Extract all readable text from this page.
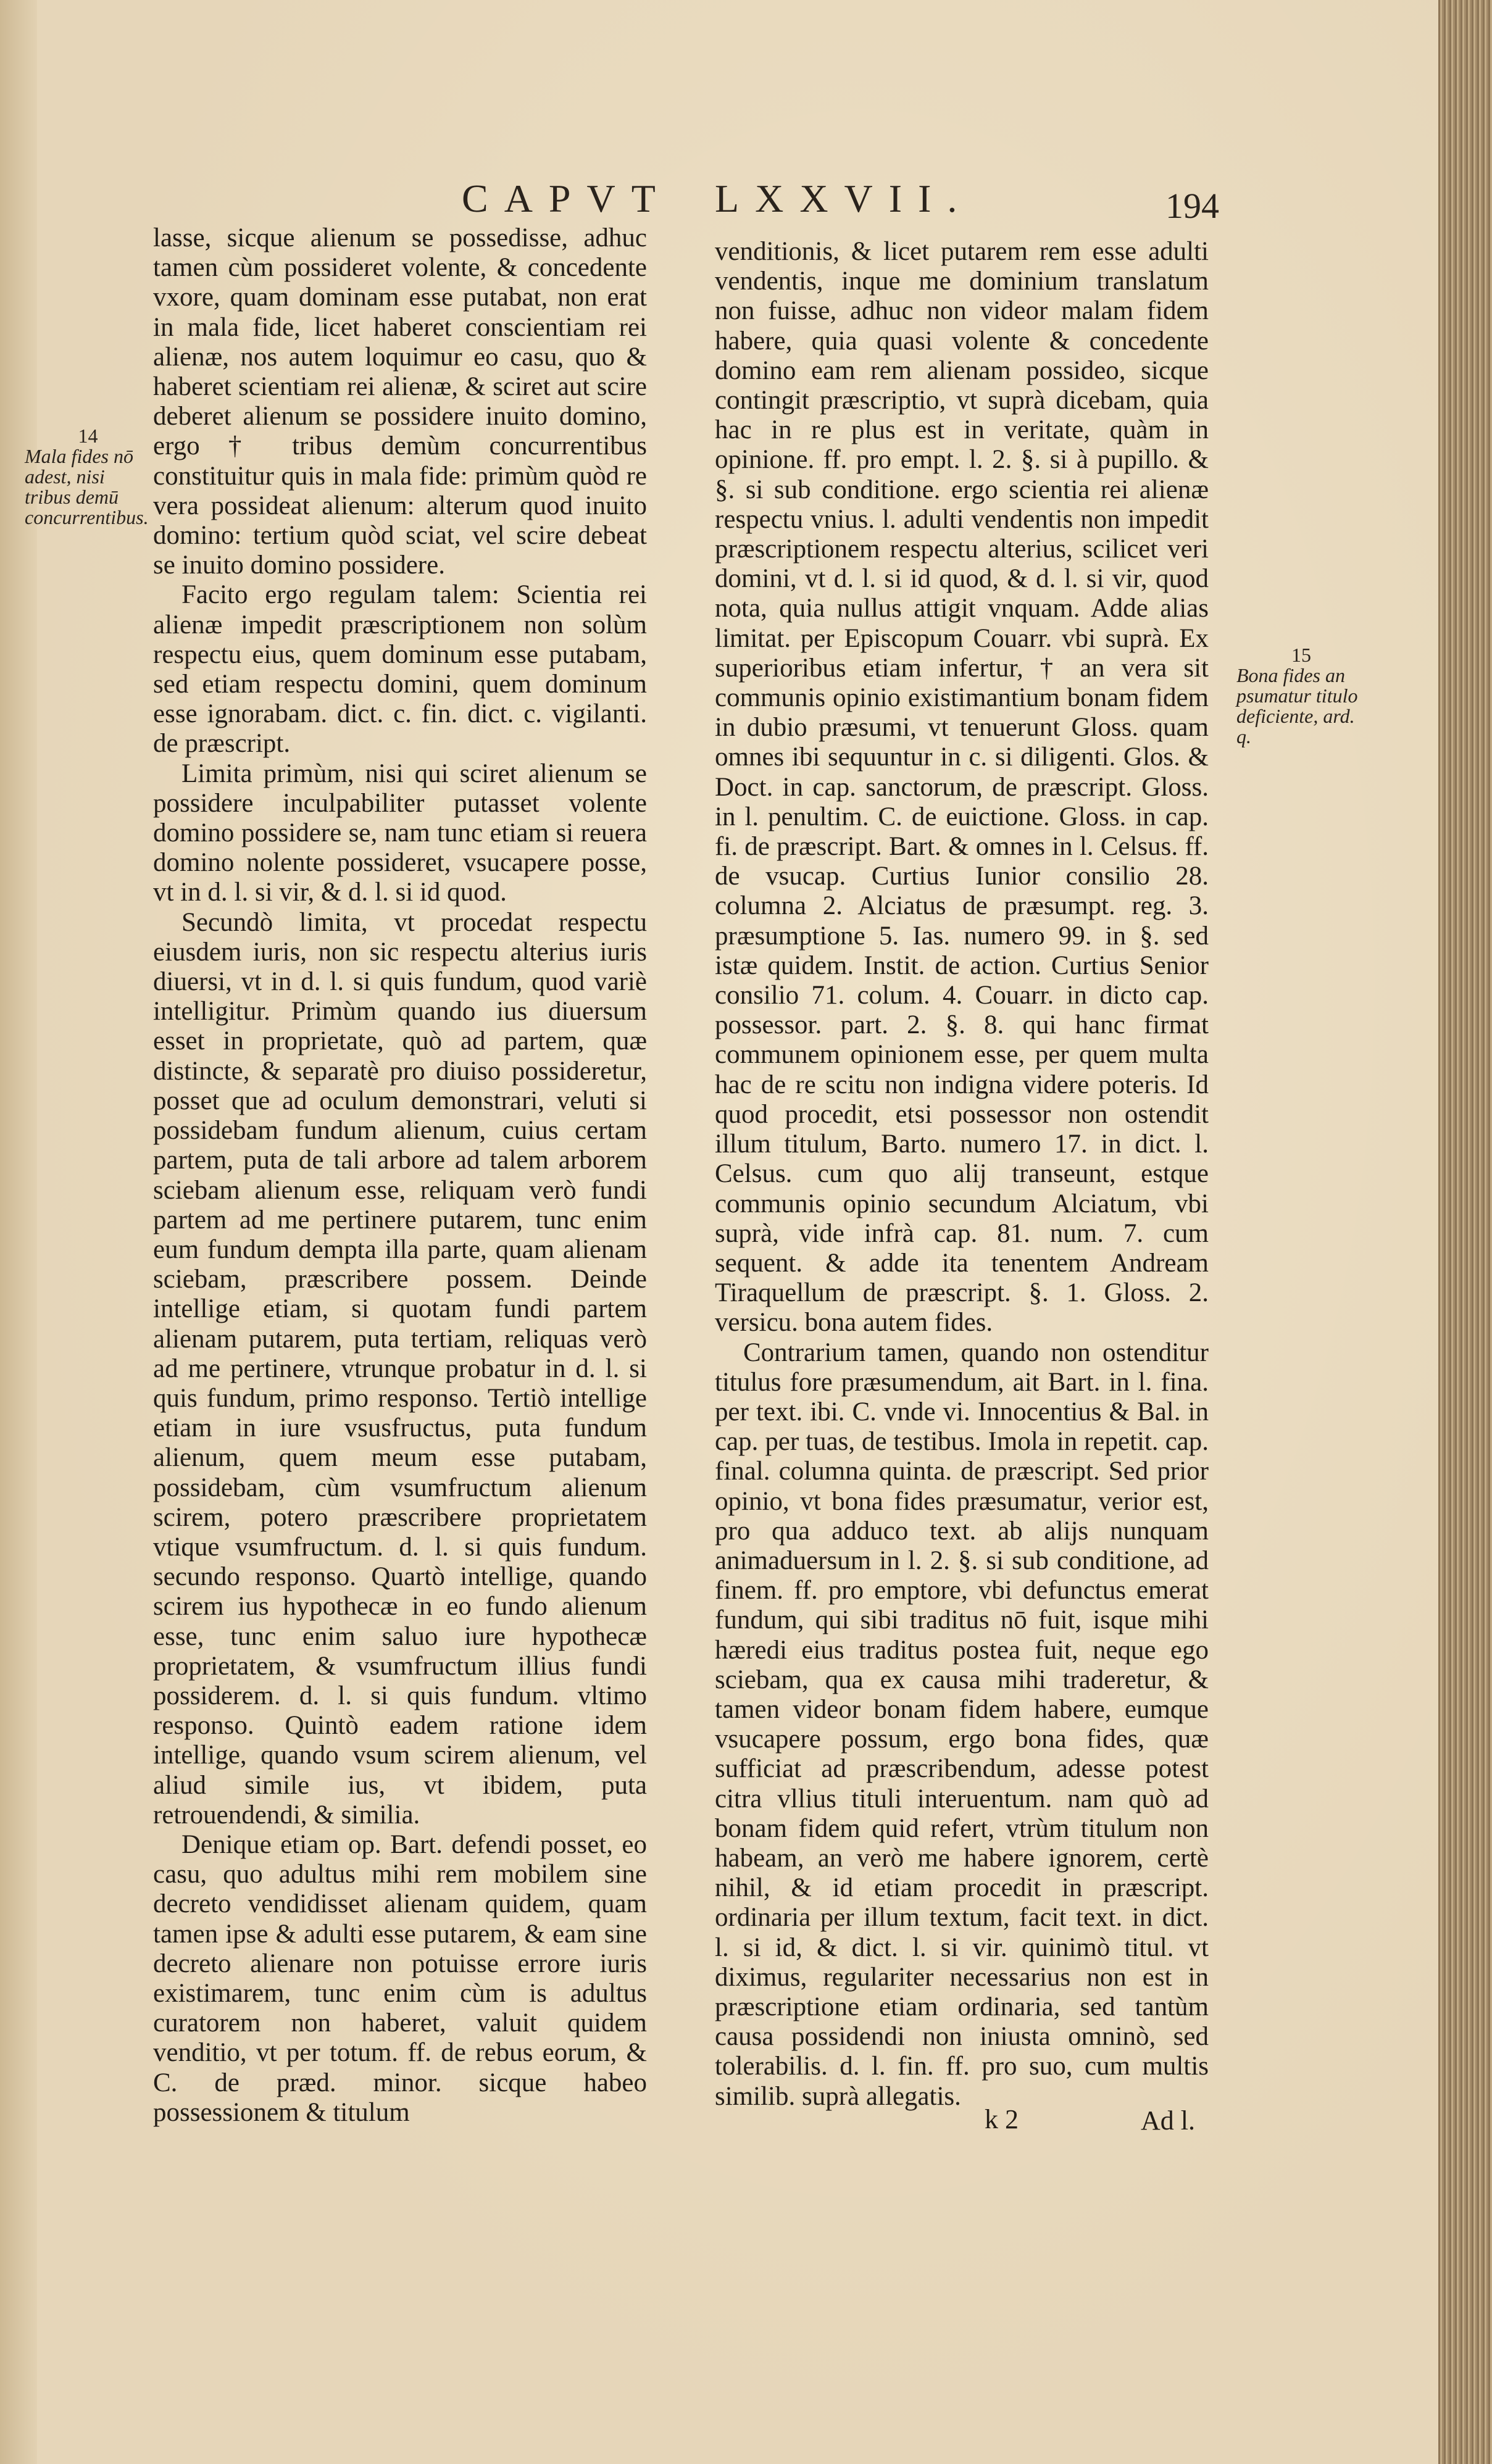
CAPVT LXXVII.	194
14
Mala fides nō adest, nisi tribus demū concurrentibus.

lasse, sicque alienum se possedisse, adhuc tamen cùm possideret volente, & concedente vxore, quam dominam esse putabat, non erat in mala fide, licet haberet conscientiam rei alienæ, nos autem loquimur eo casu, quo & haberet scientiam rei alienæ, & sciret aut scire deberet alienum se possidere inuito domino, ergo † tribus demùm concurrentibus constituitur quis in mala fide: primùm quòd re vera possideat alienum: alterum quod inuito domino: tertium quòd sciat, vel scire debeat se inuito domino possidere.

Facito ergo regulam talem: Scientia rei alienæ impedit præscriptionem non solùm respectu eius, quem dominum esse putabam, sed etiam respectu domini, quem dominum esse ignorabam. dict. c. fin. dict. c. vigilanti. de præscript.

Limita primùm, nisi qui sciret alienum se possidere inculpabiliter putasset volente domino possidere se, nam tunc etiam si reuera domino nolente possideret, vsucapere posse, vt in d. l. si vir, & d. l. si id quod.

Secundò limita, vt procedat respectu eiusdem iuris, non sic respectu alterius iuris diuersi, vt in d. l. si quis fundum, quod variè intelligitur. Primùm quando ius diuersum esset in proprietate, quò ad partem, quæ distincte, & separatè pro diuiso possideretur, posset que ad oculum demonstrari, veluti si possidebam fundum alienum, cuius certam partem, puta de tali arbore ad talem arborem sciebam alienum esse, reliquam verò fundi partem ad me pertinere putarem, tunc enim eum fundum dempta illa parte, quam alienam sciebam, præscribere possem. Deinde intellige etiam, si quotam fundi partem alienam putarem, puta tertiam, reliquas verò ad me pertinere, vtrunque probatur in d. l. si quis fundum, primo responso. Tertiò intellige etiam in iure vsusfructus, puta fundum alienum, quem meum esse putabam, possidebam, cùm vsumfructum alienum scirem, potero præscribere proprietatem vtique vsumfructum. d. l. si quis fundum. secundo responso. Quartò intellige, quando scirem ius hypothecæ in eo fundo alienum esse, tunc enim saluo iure hypothecæ proprietatem, & vsumfructum illius fundi possiderem. d. l. si quis fundum. vltimo responso. Quintò eadem ratione idem intellige, quando vsum scirem alienum, vel aliud simile ius, vt ibidem, puta retrouendendi, & similia.

Denique etiam op. Bart. defendi posset, eo casu, quo adultus mihi rem mobilem sine decreto vendidisset alienam quidem, quam tamen ipse & adulti esse putarem, & eam sine decreto alienare non potuisse errore iuris existimarem, tunc enim cùm is adultus curatorem non haberet, valuit quidem venditio, vt per totum. ff. de rebus eorum, & C. de præd. minor. sicque habeo possessionem & titulum

venditionis, & licet putarem rem esse adulti vendentis, inque me dominium translatum non fuisse, adhuc non videor malam fidem habere, quia quasi volente & concedente domino eam rem alienam possideo, sicque contingit præscriptio, vt suprà dicebam, quia hac in re plus est in veritate, quàm in opinione. ff. pro empt. l. 2. §. si à pupillo. & §. si sub conditione. ergo scientia rei alienæ respectu vnius. l. adulti vendentis non impedit præscriptionem respectu alterius, scilicet veri domini, vt d. l. si id quod, & d. l. si vir, quod nota, quia nullus attigit vnquam. Adde alias limitat. per Episcopum Couarr. vbi suprà. Ex superioribus etiam infertur, † an vera sit communis opinio existimantium bonam fidem in dubio præsumi, vt tenuerunt Gloss. quam omnes ibi sequuntur in c. si diligenti. Glos. & Doct. in cap. sanctorum, de præscript. Gloss. in l. penultim. C. de euictione. Gloss. in cap. fi. de præscript. Bart. & omnes in l. Celsus. ff. de vsucap. Curtius Iunior consilio 28. columna 2. Alciatus de præsumpt. reg. 3. præsumptione 5. Ias. numero 99. in §. sed istæ quidem. Instit. de action. Curtius Senior consilio 71. colum. 4. Couarr. in dicto cap. possessor. part. 2. §. 8. qui hanc firmat communem opinionem esse, per quem multa hac de re scitu non indigna videre poteris. Id quod procedit, etsi possessor non ostendit illum titulum, Barto. numero 17. in dict. l. Celsus. cum quo alij transeunt, estque communis opinio secundum Alciatum, vbi suprà, vide infrà cap. 81. num. 7. cum sequent. & adde ita tenentem Andream Tiraquellum de præscript. §. 1. Gloss. 2. versicu. bona autem fides.

Contrarium tamen, quando non ostenditur titulus fore præsumendum, ait Bart. in l. fina. per text. ibi. C. vnde vi. Innocentius & Bal. in cap. per tuas, de testibus. Imola in repetit. cap. final. columna quinta. de præscript. Sed prior opinio, vt bona fides præsumatur, verior est, pro qua adduco text. ab alijs nunquam animaduersum in l. 2. §. si sub conditione, ad finem. ff. pro emptore, vbi defunctus emerat fundum, qui sibi traditus nō fuit, isque mihi hæredi eius traditus postea fuit, neque ego sciebam, qua ex causa mihi traderetur, & tamen videor bonam fidem habere, eumque vsucapere possum, ergo bona fides, quæ sufficiat ad præscribendum, adesse potest citra vllius tituli interuentum. nam quò ad bonam fidem quid refert, vtrùm titulum non habeam, an verò me habere ignorem, certè nihil, & id etiam procedit in præscript. ordinaria per illum textum, facit text. in dict. l. si id, & dict. l. si vir. quinimò titul. vt diximus, regulariter necessarius non est in præscriptione etiam ordinaria, sed tantùm causa possidendi non iniusta omninò, sed tolerabilis. d. l. fin. ff. pro suo, cum multis similib. suprà allegatis.

15
Bona fides an psumatur titulo deficiente, ard. q.
k 2	Ad l.
